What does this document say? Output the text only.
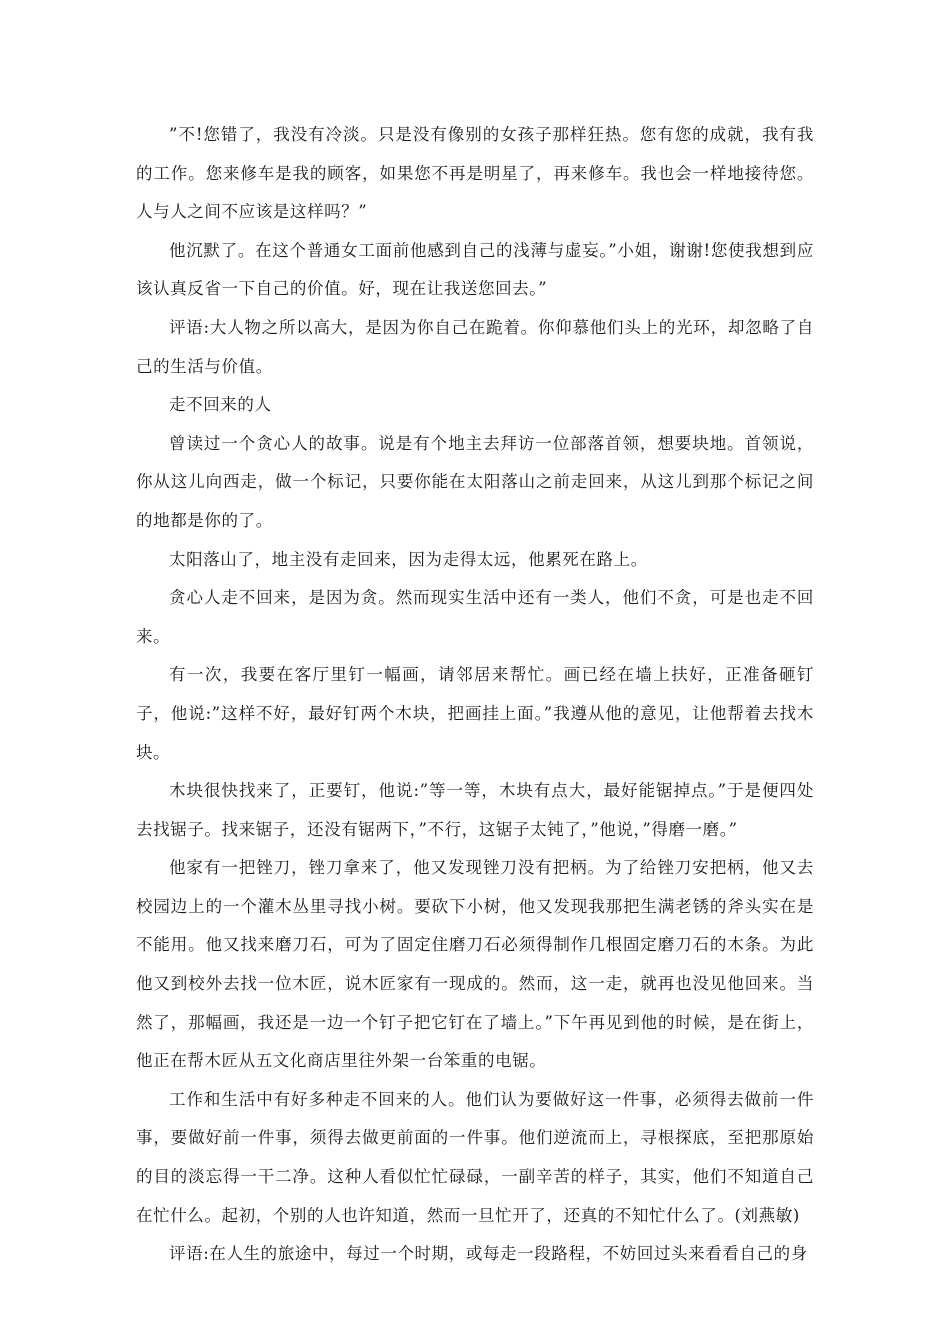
”不!您错了，我没有冷淡。只是没有像别的女孩子那样狂热。您有您的成就，我有我的工作。您来修车是我的顾客，如果您不再是明星了，再来修车。我也会一样地接待您。人与人之间不应该是这样吗？”

他沉默了。在这个普通女工面前他感到自己的浅薄与虚妄。”小姐，谢谢!您使我想到应该认真反省一下自己的价值。好，现在让我送您回去。”

评语:大人物之所以高大，是因为你自己在跪着。你仰慕他们头上的光环，却忽略了自己的生活与价值。

走不回来的人

曾读过一个贪心人的故事。说是有个地主去拜访一位部落首领，想要块地。首领说，你从这儿向西走，做一个标记，只要你能在太阳落山之前走回来，从这儿到那个标记之间的地都是你的了。

太阳落山了，地主没有走回来，因为走得太远，他累死在路上。

贪心人走不回来，是因为贪。然而现实生活中还有一类人，他们不贪，可是也走不回来。

有一次，我要在客厅里钉一幅画，请邻居来帮忙。画已经在墙上扶好，正准备砸钉子，他说:”这样不好，最好钉两个木块，把画挂上面。”我遵从他的意见，让他帮着去找木块。

木块很快找来了，正要钉，他说:”等一等，木块有点大，最好能锯掉点。”于是便四处去找锯子。找来锯子，还没有锯两下，”不行，这锯子太钝了，”他说，”得磨一磨。”

他家有一把锉刀，锉刀拿来了，他又发现锉刀没有把柄。为了给锉刀安把柄，他又去校园边上的一个灌木丛里寻找小树。要砍下小树，他又发现我那把生满老锈的斧头实在是不能用。他又找来磨刀石，可为了固定住磨刀石必须得制作几根固定磨刀石的木条。为此他又到校外去找一位木匠，说木匠家有一现成的。然而，这一走，就再也没见他回来。当然了，那幅画，我还是一边一个钉子把它钉在了墙上。”下午再见到他的时候，是在街上，他正在帮木匠从五文化商店里往外架一台笨重的电锯。

工作和生活中有好多种走不回来的人。他们认为要做好这一件事，必须得去做前一件事，要做好前一件事，须得去做更前面的一件事。他们逆流而上，寻根探底，至把那原始的目的淡忘得一干二净。这种人看似忙忙碌碌，一副辛苦的样子，其实，他们不知道自己在忙什么。起初，个别的人也许知道，然而一旦忙开了，还真的不知忙什么了。(刘燕敏)

评语:在人生的旅途中，每过一个时期，或每走一段路程，不妨回过头来看看自己的身
